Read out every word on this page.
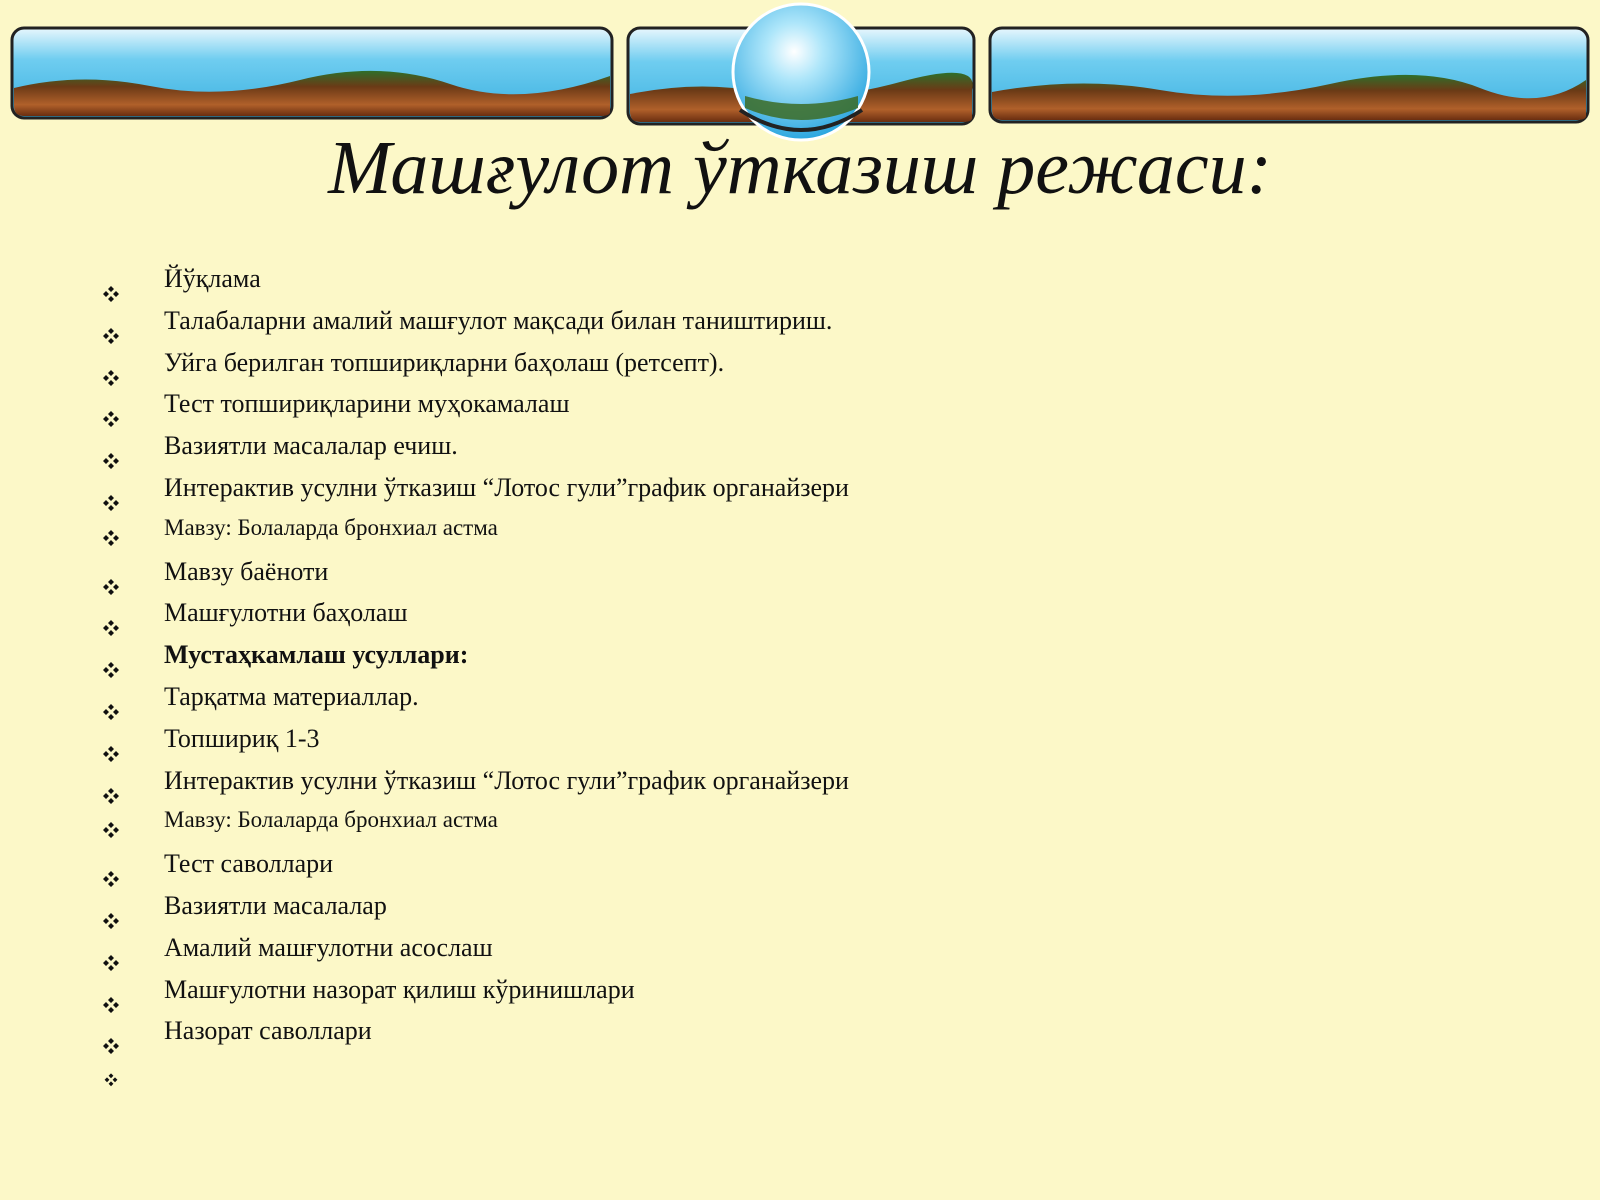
Машғулот ўтказиш режаси:
Йўқлама
Талабаларни амалий машғулот мақсади билан таништириш.
Уйга берилган топшириқларни баҳолаш (ретсепт).
Тест топшириқларини муҳокамалаш
Вазиятли масалалар ечиш.
Интерактив усулни ўтказиш “Лотос гули”график органайзери
Мавзу: Болаларда бронхиал астма
Мавзу баёноти
Машғулотни баҳолаш
Мустаҳкамлаш усуллари:
Тарқатма материаллар.
Топшириқ 1-3
Интерактив усулни ўтказиш “Лотос гули”график органайзери
Мавзу: Болаларда бронхиал астма
Тест саволлари
Вазиятли масалалар
Амалий машғулотни асослаш
Машғулотни назорат қилиш кўринишлари
Назорат саволлари
